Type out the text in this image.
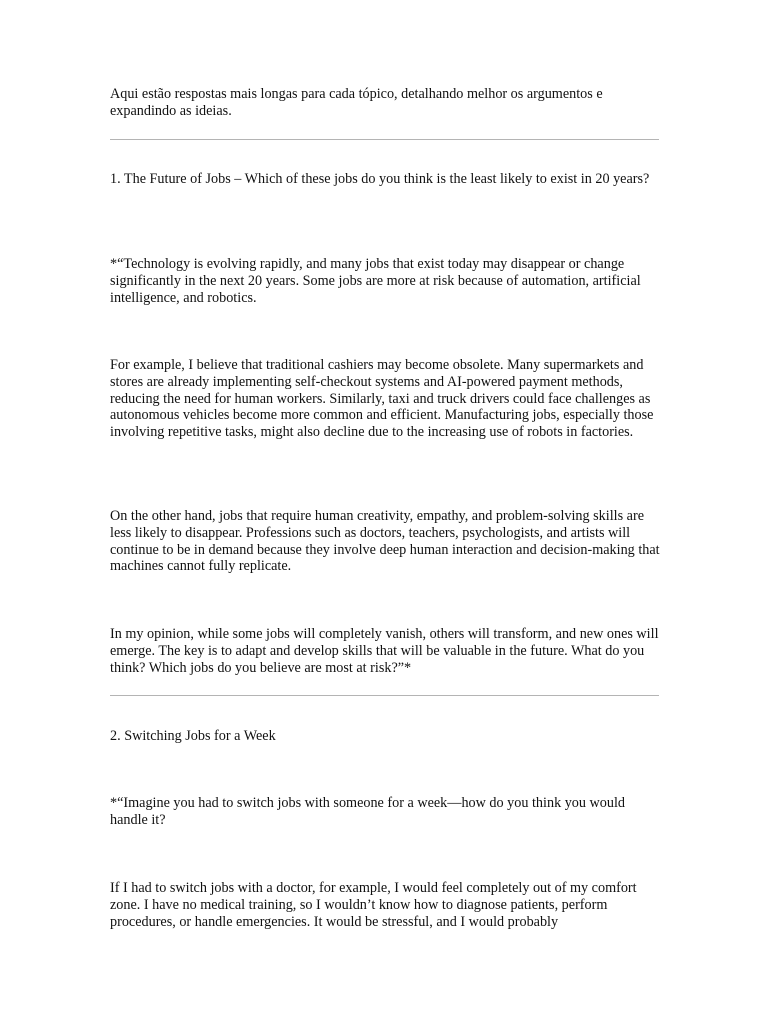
Aqui estão respostas mais longas para cada tópico, detalhando melhor os argumentos e expandindo as ideias.

1. The Future of Jobs – Which of these jobs do you think is the least likely to exist in 20 years?

*“Technology is evolving rapidly, and many jobs that exist today may disappear or change significantly in the next 20 years. Some jobs are more at risk because of automation, artificial intelligence, and robotics.

For example, I believe that traditional cashiers may become obsolete. Many supermarkets and stores are already implementing self-checkout systems and AI-powered payment methods, reducing the need for human workers. Similarly, taxi and truck drivers could face challenges as autonomous vehicles become more common and efficient. Manufacturing jobs, especially those involving repetitive tasks, might also decline due to the increasing use of robots in factories.

On the other hand, jobs that require human creativity, empathy, and problem-solving skills are less likely to disappear. Professions such as doctors, teachers, psychologists, and artists will continue to be in demand because they involve deep human interaction and decision-making that machines cannot fully replicate.

In my opinion, while some jobs will completely vanish, others will transform, and new ones will emerge. The key is to adapt and develop skills that will be valuable in the future. What do you think? Which jobs do you believe are most at risk?”*

2. Switching Jobs for a Week

*“Imagine you had to switch jobs with someone for a week—how do you think you would handle it?

If I had to switch jobs with a doctor, for example, I would feel completely out of my comfort zone. I have no medical training, so I wouldn’t know how to diagnose patients, perform procedures, or handle emergencies. It would be stressful, and I would probably
